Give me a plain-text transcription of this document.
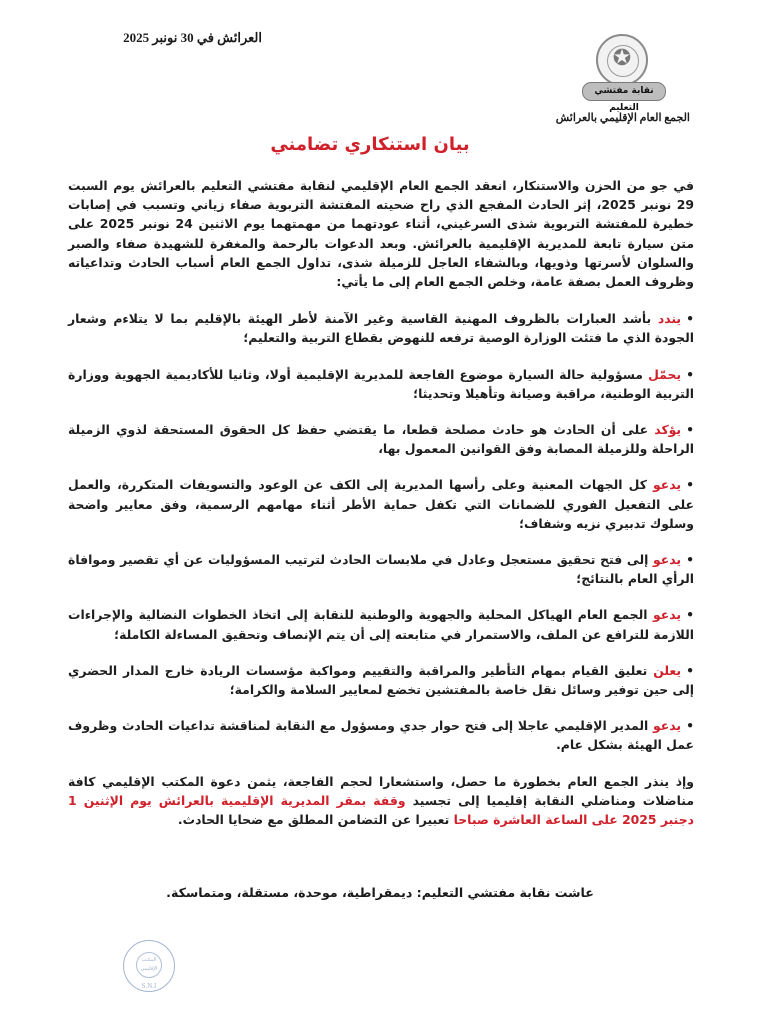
العرائش في 30 نونبر 2025
✪
نقابة مفتشي التعليم
الجمع العام الإقليمي بالعرائش
بيان استنكاري تضامني

في جو من الحزن والاستنكار، انعقد الجمع العام الإقليمي لنقابة مفتشي التعليم بالعرائش يوم السبت 29 نونبر 2025، إثر الحادث المفجع الذي راح ضحيته المفتشة التربوية صفاء زياني وتسبب في إصابات خطيرة للمفتشة التربوية شذى السرغيني، أثناء عودتهما من مهمتهما يوم الاثنين 24 نونبر 2025 على متن سيارة تابعة للمديرية الإقليمية بالعرائش. وبعد الدعوات بالرحمة والمغفرة للشهيدة صفاء والصبر والسلوان لأسرتها وذويها، وبالشفاء العاجل للزميلة شذى، تداول الجمع العام أسباب الحادث وتداعياته وظروف العمل بصفة عامة، وخلص الجمع العام إلى ما يأتي:

•يندد بأشد العبارات بالظروف المهنية القاسية وغير الآمنة لأطر الهيئة بالإقليم بما لا يتلاءم وشعار الجودة الذي ما فتئت الوزارة الوصية ترفعه للنهوض بقطاع التربية والتعليم؛

•يحمّل مسؤولية حالة السيارة موضوع الفاجعة للمديرية الإقليمية أولا، وثانيا للأكاديمية الجهوية ووزارة التربية الوطنية، مراقبة وصيانة وتأهيلا وتحديثا؛

•يؤكد على أن الحادث هو حادث مصلحة قطعا، ما يقتضي حفظ كل الحقوق المستحقة لذوي الزميلة الراحلة وللزميلة المصابة وفق القوانين المعمول بها،

•يدعو كل الجهات المعنية وعلى رأسها المديرية إلى الكف عن الوعود والتسويفات المتكررة، والعمل على التفعيل الفوري للضمانات التي تكفل حماية الأطر أثناء مهامهم الرسمية، وفق معايير واضحة وسلوك تدبيري نزيه وشفاف؛

•يدعو إلى فتح تحقيق مستعجل وعادل في ملابسات الحادث لترتيب المسؤوليات عن أي تقصير وموافاة الرأي العام بالنتائج؛

•يدعو الجمع العام الهياكل المحلية والجهوية والوطنية للنقابة إلى اتخاذ الخطوات النضالية والإجراءات اللازمة للترافع عن الملف، والاستمرار في متابعته إلى أن يتم الإنصاف وتحقيق المساءلة الكاملة؛

•يعلن تعليق القيام بمهام التأطير والمراقبة والتقييم ومواكبة مؤسسات الريادة خارج المدار الحضري إلى حين توفير وسائل نقل خاصة بالمفتشين تخضع لمعايير السلامة والكرامة؛

•يدعو المدير الإقليمي عاجلا إلى فتح حوار جدي ومسؤول مع النقابة لمناقشة تداعيات الحادث وظروف عمل الهيئة بشكل عام.

وإذ ينذر الجمع العام بخطورة ما حصل، واستشعارا لحجم الفاجعة، يثمن دعوة المكتب الإقليمي كافة مناضلات ومناضلي النقابة إقليميا إلى تجسيد وقفة بمقر المديرية الإقليمية بالعرائش يوم الإثنين 1 دجنبر 2025 على الساعة العاشرة صباحا تعبيرا عن التضامن المطلق مع ضحايا الحادث.

عاشت نقابة مفتشي التعليم: ديمقراطية، موحدة، مستقلة، ومتماسكة.
المكتب الإقليمي
S.N.I
